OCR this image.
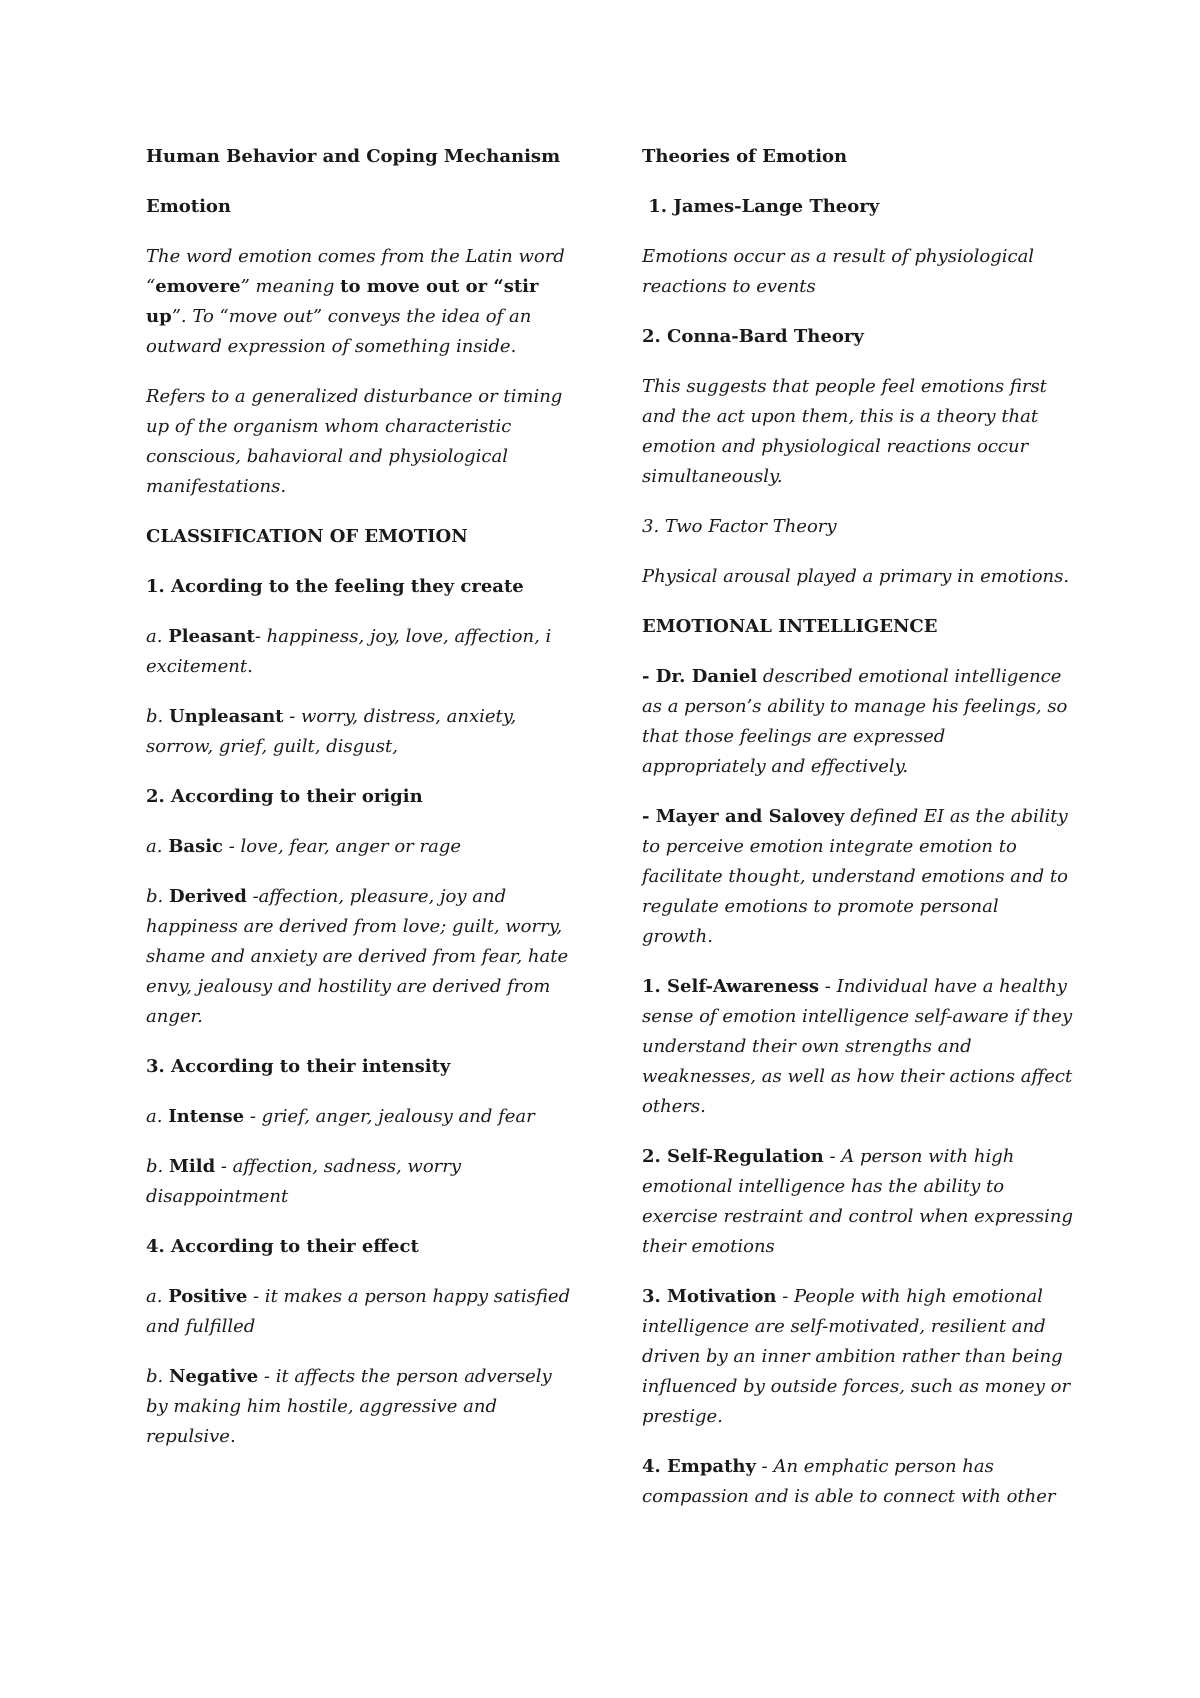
Human Behavior and Coping Mechanism

Emotion

The word emotion comes from the Latin word “emovere” meaning to move out or “stir up”. To “move out” conveys the idea of an outward expression of something inside.

Refers to a generalized disturbance or timing up of the organism whom characteristic conscious, bahavioral and physiological manifestations.

CLASSIFICATION OF EMOTION

1. Acording to the feeling they create

a. Pleasant- happiness, joy, love, affection, i excitement.

b. Unpleasant - worry, distress, anxiety, sorrow, grief, guilt, disgust,

2. According to their origin

a. Basic - love, fear, anger or rage

b. Derived -affection, pleasure, joy and happiness are derived from love; guilt, worry, shame and anxiety are derived from fear, hate envy, jealousy and hostility are derived from anger.

3. According to their intensity

a. Intense - grief, anger, jealousy and fear

b. Mild - affection, sadness, worry disappointment

4. According to their effect

a. Positive - it makes a person happy satisfied and fulfilled

b. Negative - it affects the person adversely by making him hostile, aggressive and repulsive.

Theories of Emotion

1. James-Lange Theory

Emotions occur as a result of physiological reactions to events

2. Conna-Bard Theory

This suggests that people feel emotions first and the act upon them, this is a theory that emotion and physiological reactions occur simultaneously.

3. Two Factor Theory

Physical arousal played a primary in emotions.

EMOTIONAL INTELLIGENCE

- Dr. Daniel described emotional intelligence as a person’s ability to manage his feelings, so that those feelings are expressed appropriately and effectively.

- Mayer and Salovey defined EI as the ability to perceive emotion integrate emotion to facilitate thought, understand emotions and to regulate emotions to promote personal growth.

1. Self-Awareness - Individual have a healthy sense of emotion intelligence self-aware if they understand their own strengths and weaknesses, as well as how their actions affect others.

2. Self-Regulation - A person with high emotional intelligence has the ability to exercise restraint and control when expressing their emotions

3. Motivation - People with high emotional intelligence are self-motivated, resilient and driven by an inner ambition rather than being influenced by outside forces, such as money or prestige.

4. Empathy - An emphatic person has compassion and is able to connect with other
